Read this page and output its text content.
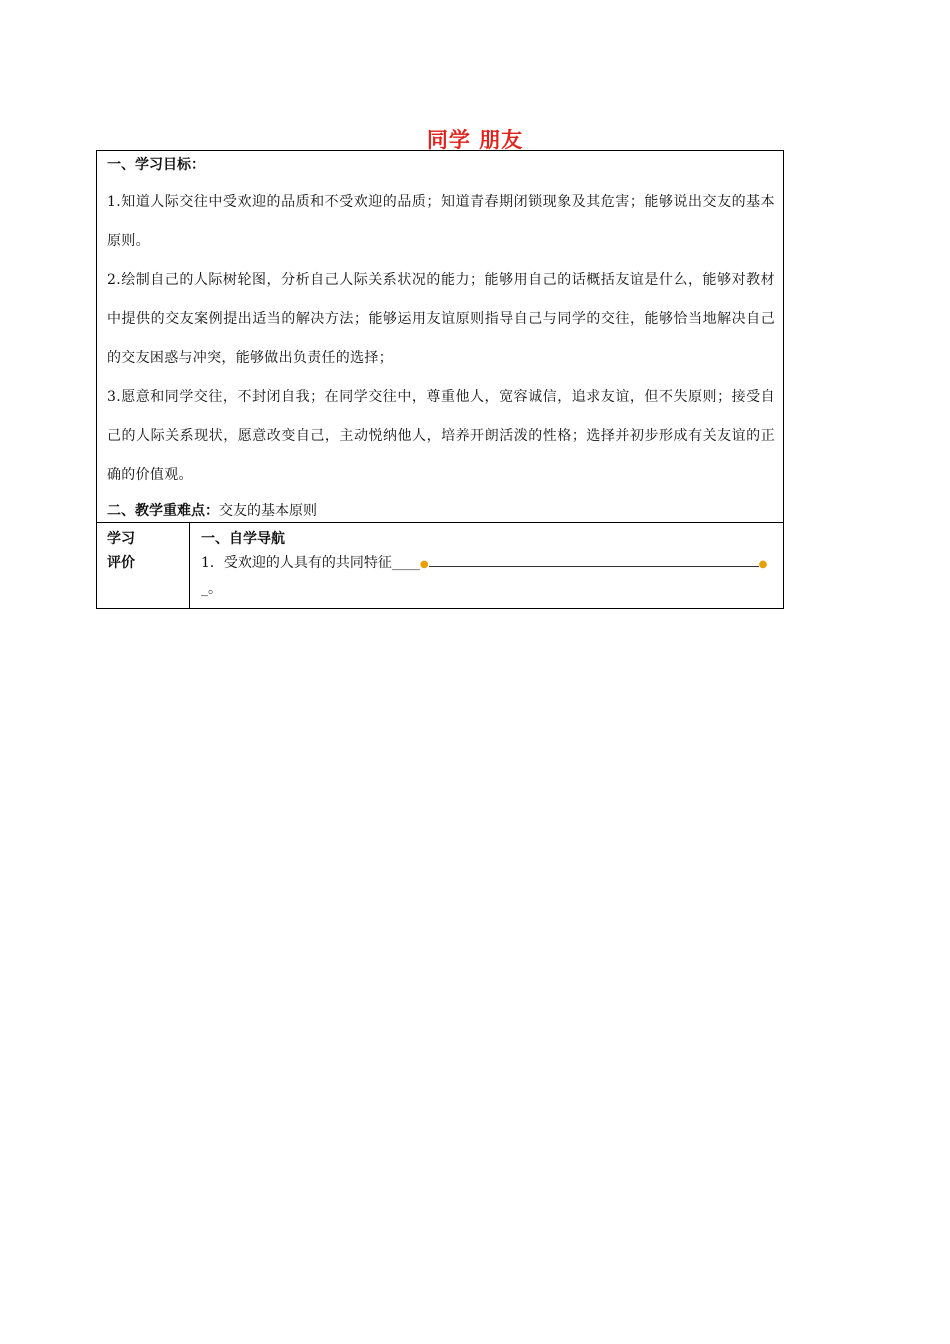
同学 朋友
一、学习目标：
1.知道人际交往中受欢迎的品质和不受欢迎的品质；知道青春期闭锁现象及其危害；能够说出交友的基本原则。
2.绘制自己的人际树轮图，分析自己人际关系状况的能力；能够用自己的话概括友谊是什么，能够对教材中提供的交友案例提出适当的解决方法；能够运用友谊原则指导自己与同学的交往，能够恰当地解决自己的交友困惑与冲突，能够做出负责任的选择；
3.愿意和同学交往，不封闭自我；在同学交往中，尊重他人，宽容诚信，追求友谊，但不失原则；接受自己的人际关系现状，愿意改变自己，主动悦纳他人，培养开朗活泼的性格；选择并初步形成有关友谊的正确的价值观。
二、教学重难点：交友的基本原则
学习
评价
一、自学导航
1．受欢迎的人具有的共同特征____●	●
_。
